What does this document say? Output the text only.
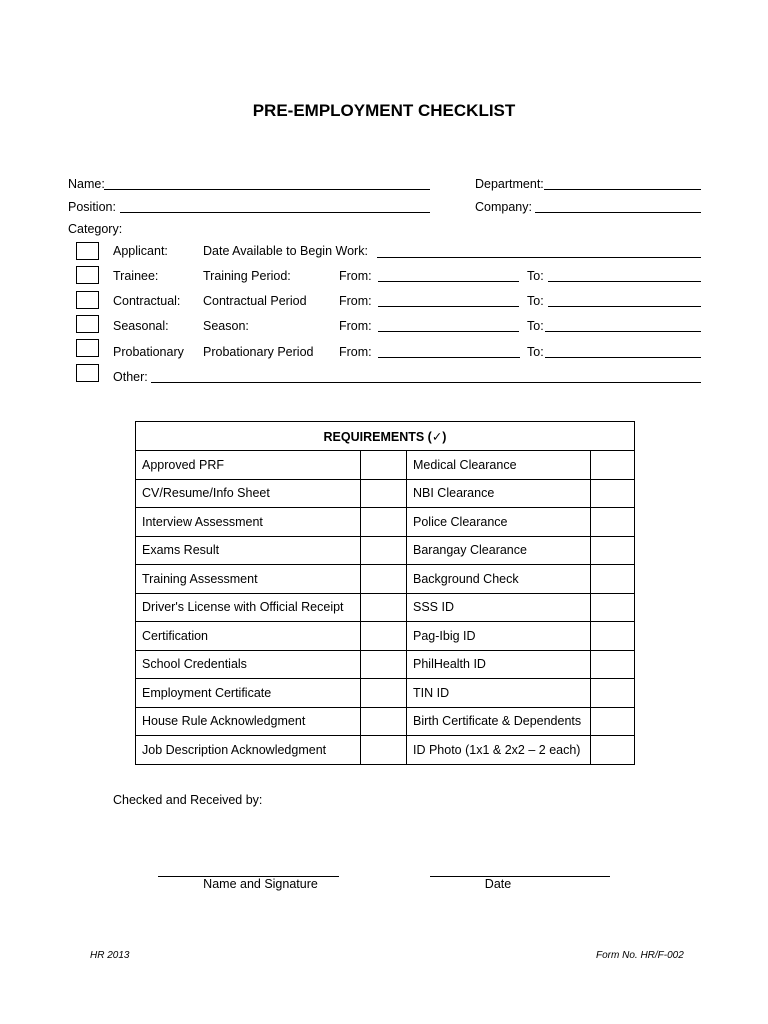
PRE-EMPLOYMENT CHECKLIST
Name:	Department:
Position:	Company:
Category:
Applicant:	Date Available to Begin Work:
Trainee:	Training Period:	From:	To:
Contractual: Contractual Period	From:	To:
Seasonal:	Season:	From:	To:
Probationary Probationary Period From:	To:
Other:
REQUIREMENTS (✓)			
Approved PRF		Medical Clearance	
CV/Resume/Info Sheet		NBI Clearance	
Interview Assessment		Police Clearance	
Exams Result		Barangay Clearance	
Training Assessment		Background Check	
Driver's License with Official Receipt		SSS ID	
Certification		Pag-Ibig ID	
School Credentials		PhilHealth ID	
Employment Certificate		TIN ID	
House Rule Acknowledgment		Birth Certificate & Dependents	
Job Description Acknowledgment		ID Photo (1x1 & 2x2 – 2 each)	
Checked and Received by:
Name and Signature	Date
HR 2013	Form No. HR/F-002
